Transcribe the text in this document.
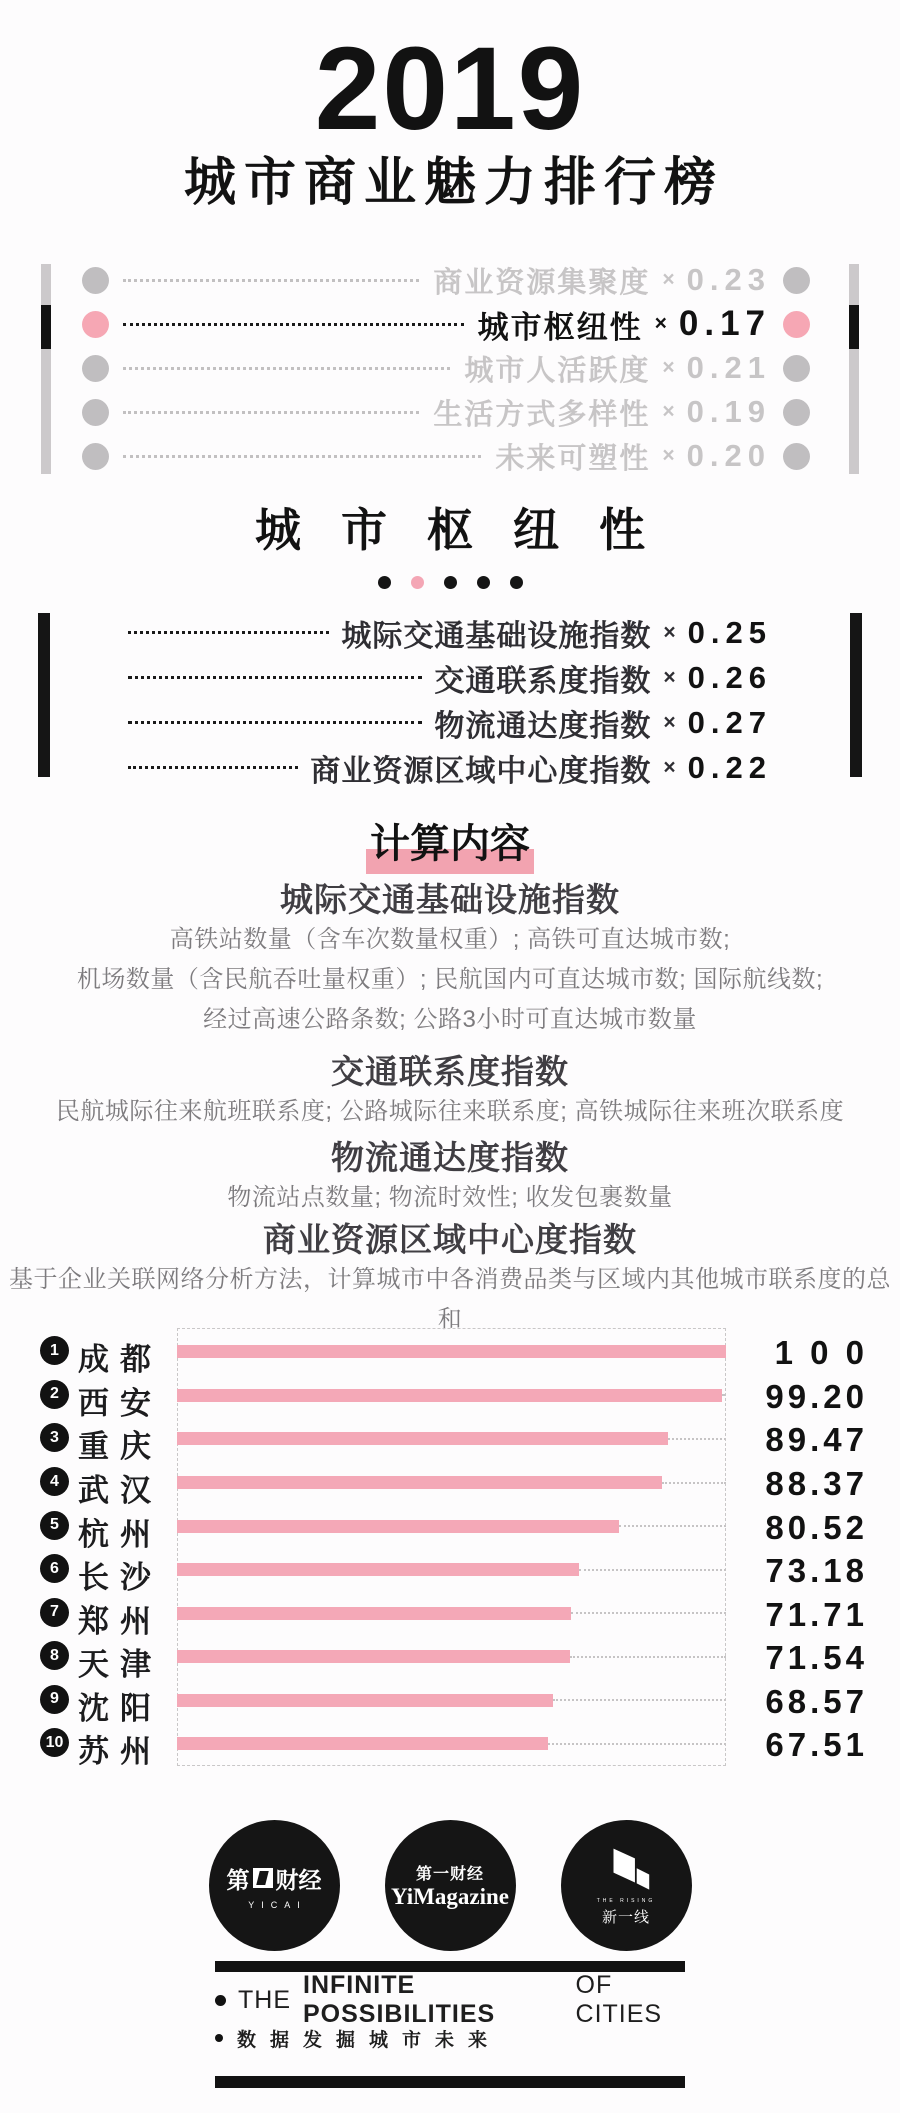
2019
城市商业魅力排行榜
商业资源集聚度 × 0.23
城市枢纽性 × 0.17
城市人活跃度 × 0.21
生活方式多样性 × 0.19
未来可塑性 × 0.20
城市枢纽性
城际交通基础设施指数 × 0.25
交通联系度指数 × 0.26
物流通达度指数 × 0.27
商业资源区域中心度指数 × 0.22
计算内容
城际交通基础设施指数
高铁站数量（含车次数量权重）; 高铁可直达城市数;
机场数量（含民航吞吐量权重）; 民航国内可直达城市数; 国际航线数;
经过高速公路条数; 公路3小时可直达城市数量
交通联系度指数
民航城际往来航班联系度; 公路城际往来联系度; 高铁城际往来班次联系度
物流通达度指数
物流站点数量; 物流时效性; 收发包裹数量
商业资源区域中心度指数
基于企业关联网络分析方法，计算城市中各消费品类与区域内其他城市联系度的总和
1 成都	1 0 0
2 西安	99.20
3 重庆	89.47
4 武汉	88.37
5 杭州	80.52
6 长沙	73.18
7 郑州	71.71
8 天津	71.54
9 沈阳	68.57
10 苏州	67.51
第 财经
YICAI
第一财经
YiMagazine	THE RISING
新一线
THE
INFINITE POSSIBILITIES
OF CITIES
数据发掘城市未来
